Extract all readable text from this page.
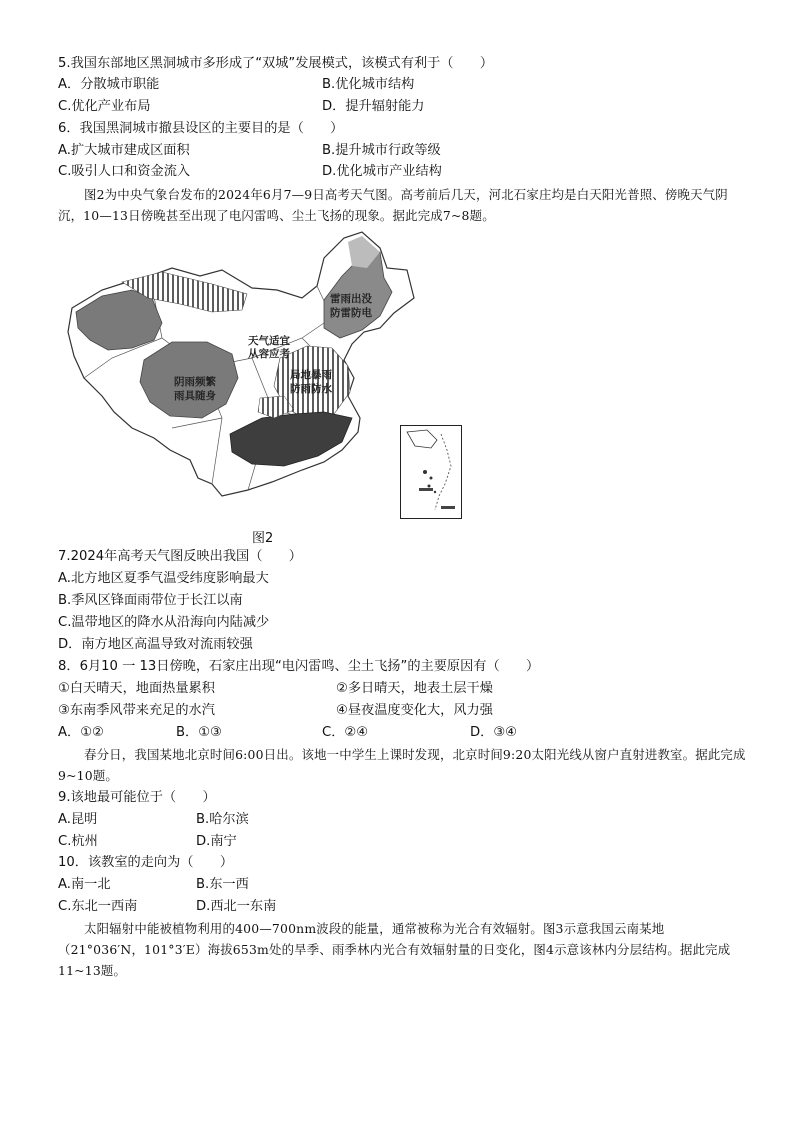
5.我国东部地区黑洞城市多形成了“双城”发展模式，该模式有利于（　　）
A．分散城市职能	B.优化城市结构
C.优化产业布局	D．提升辐射能力
6．我国黑洞城市撤县设区的主要目的是（　　）
A.扩大城市建成区面积	B.提升城市行政等级
C.吸引人口和资金流入	D.优化城市产业结构
图2为中央气象台发布的2024年6月7—9日高考天气图。高考前后几天，河北石家庄均是白天阳光普照、傍晚天气阴沉，10—13日傍晚甚至出现了电闪雷鸣、尘土飞扬的现象。据此完成7~8题。
雷雨出没
防雷防电
天气适宜
从容应考
局地暴雨
防雨防水
阴雨频繁
雨具随身
图2
7.2024年高考天气图反映出我国（　　）
A.北方地区夏季气温受纬度影响最大
B.季风区锋面雨带位于长江以南
C.温带地区的降水从沿海向内陆减少
D．南方地区高温导致对流雨较强
8．6月10 一 13日傍晚，石家庄出现“电闪雷鸣、尘土飞扬”的主要原因有（　　）
①白天晴天，地面热量累积	②多日晴天，地表土层干燥
③东南季风带来充足的水汽	④昼夜温度变化大，风力强
A．①②	B．①③	C．②④	D．③④
春分日，我国某地北京时间6:00日出。该地一中学生上课时发现，北京时间9:20太阳光线从窗户直射进教室。据此完成9~10题。
9.该地最可能位于（　　）
A.昆明	B.哈尔滨
C.杭州	D.南宁
10．该教室的走向为（　　）
A.南一北	B.东一西
C.东北一西南	D.西北一东南
太阳辐射中能被植物利用的400—700nm波段的能量，通常被称为光合有效辐射。图3示意我国云南某地（21°036′N，101°3′E）海拔653m处的旱季、雨季林内光合有效辐射量的日变化，图4示意该林内分层结构。据此完成11~13题。
